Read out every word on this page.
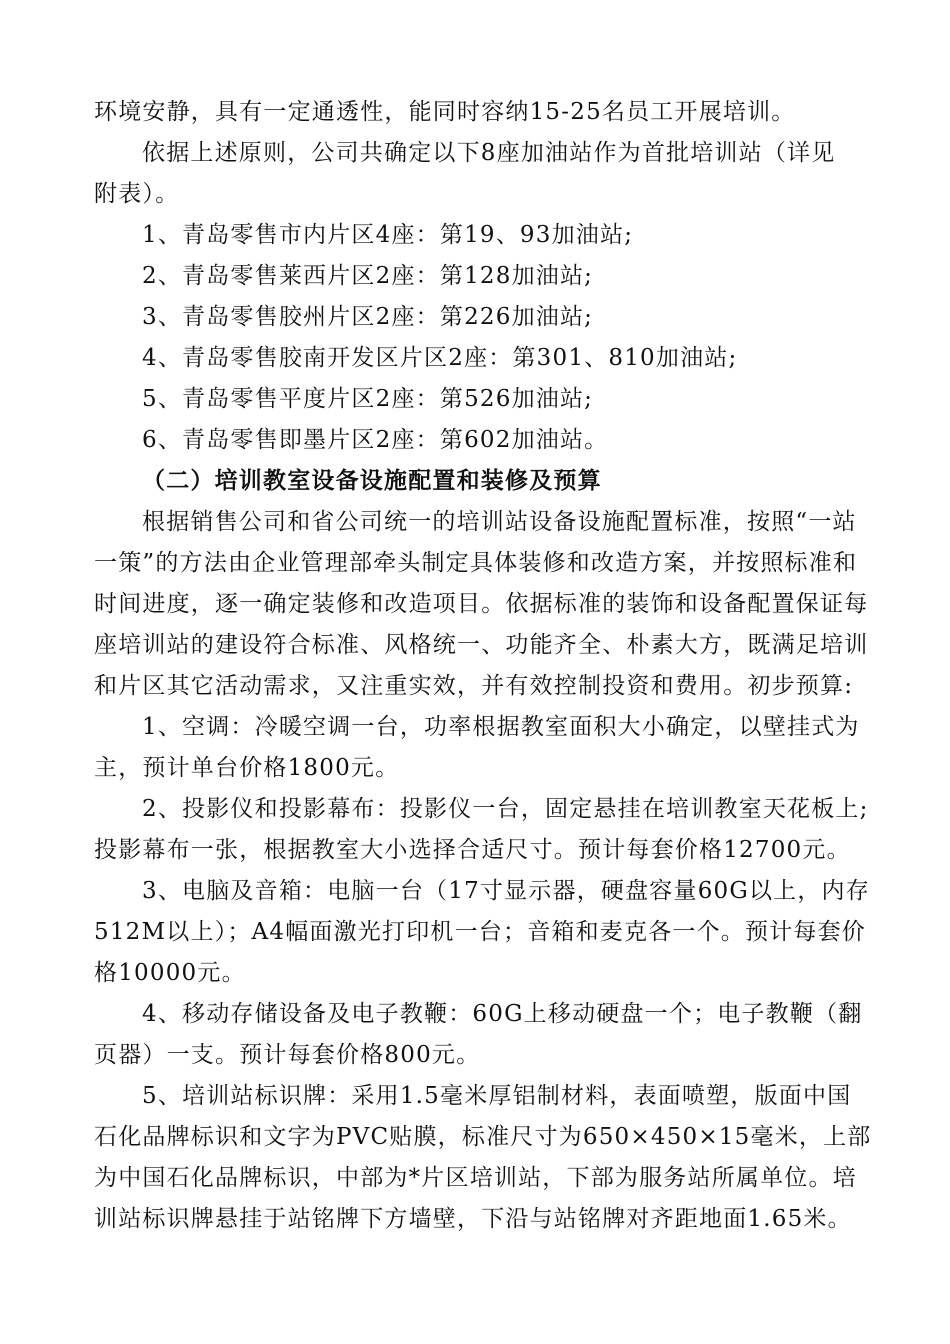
环境安静，具有一定通透性，能同时容纳15-25名员工开展培训。
依据上述原则，公司共确定以下8座加油站作为首批培训站（详见
附表）。
1、青岛零售市内片区4座：第19、93加油站;
2、青岛零售莱西片区2座：第128加油站;
3、青岛零售胶州片区2座：第226加油站;
4、青岛零售胶南开发区片区2座：第301、810加油站;
5、青岛零售平度片区2座：第526加油站;
6、青岛零售即墨片区2座：第602加油站。
（二）培训教室设备设施配置和装修及预算
根据销售公司和省公司统一的培训站设备设施配置标准，按照“一站
一策”的方法由企业管理部牵头制定具体装修和改造方案，并按照标准和
时间进度，逐一确定装修和改造项目。依据标准的装饰和设备配置保证每
座培训站的建设符合标准、风格统一、功能齐全、朴素大方，既满足培训
和片区其它活动需求，又注重实效，并有效控制投资和费用。初步预算:
1、空调：冷暖空调一台，功率根据教室面积大小确定，以壁挂式为
主，预计单台价格1800元。
2、投影仪和投影幕布：投影仪一台，固定悬挂在培训教室天花板上;
投影幕布一张，根据教室大小选择合适尺寸。预计每套价格12700元。
3、电脑及音箱：电脑一台（17寸显示器，硬盘容量60G以上，内存
512M以上）；A4幅面激光打印机一台；音箱和麦克各一个。预计每套价
格10000元。
4、移动存储设备及电子教鞭：60G上移动硬盘一个；电子教鞭（翻
页器）一支。预计每套价格800元。
5、培训站标识牌：采用1.5毫米厚铝制材料，表面喷塑，版面中国
石化品牌标识和文字为PVC贴膜，标准尺寸为650×450×15毫米，上部
为中国石化品牌标识，中部为*片区培训站，下部为服务站所属单位。培
训站标识牌悬挂于站铭牌下方墙壁，下沿与站铭牌对齐距地面1.65米。
